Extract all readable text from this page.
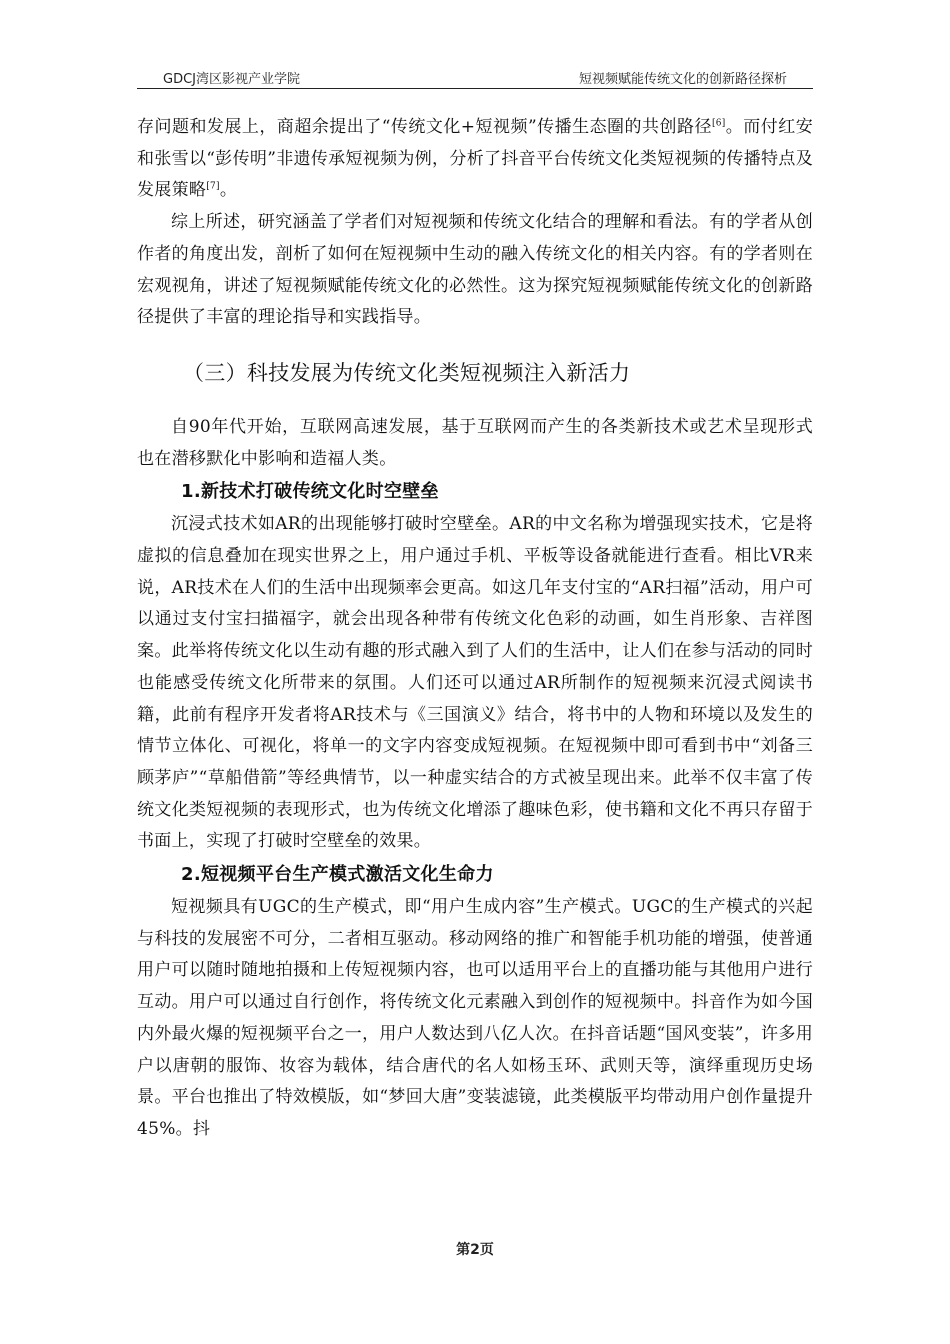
GDCJ湾区影视产业学院	短视频赋能传统文化的创新路径探析

存问题和发展上，商超余提出了“传统文化+短视频”传播生态圈的共创路径[6]。而付红安和张雪以“彭传明”非遗传承短视频为例，分析了抖音平台传统文化类短视频的传播特点及发展策略[7]。

综上所述，研究涵盖了学者们对短视频和传统文化结合的理解和看法。有的学者从创作者的角度出发，剖析了如何在短视频中生动的融入传统文化的相关内容。有的学者则在宏观视角，讲述了短视频赋能传统文化的必然性。这为探究短视频赋能传统文化的创新路径提供了丰富的理论指导和实践指导。

（三）科技发展为传统文化类短视频注入新活力

自90年代开始，互联网高速发展，基于互联网而产生的各类新技术或艺术呈现形式也在潜移默化中影响和造福人类。

1.新技术打破传统文化时空壁垒

沉浸式技术如AR的出现能够打破时空壁垒。AR的中文名称为增强现实技术，它是将虚拟的信息叠加在现实世界之上，用户通过手机、平板等设备就能进行查看。相比VR来说，AR技术在人们的生活中出现频率会更高。如这几年支付宝的“AR扫福”活动，用户可以通过支付宝扫描福字，就会出现各种带有传统文化色彩的动画，如生肖形象、吉祥图案。此举将传统文化以生动有趣的形式融入到了人们的生活中，让人们在参与活动的同时也能感受传统文化所带来的氛围。人们还可以通过AR所制作的短视频来沉浸式阅读书籍，此前有程序开发者将AR技术与《三国演义》结合，将书中的人物和环境以及发生的情节立体化、可视化，将单一的文字内容变成短视频。在短视频中即可看到书中“刘备三顾茅庐”“草船借箭”等经典情节，以一种虚实结合的方式被呈现出来。此举不仅丰富了传统文化类短视频的表现形式，也为传统文化增添了趣味色彩，使书籍和文化不再只存留于书面上，实现了打破时空壁垒的效果。

2.短视频平台生产模式激活文化生命力

短视频具有UGC的生产模式，即“用户生成内容”生产模式。UGC的生产模式的兴起与科技的发展密不可分，二者相互驱动。移动网络的推广和智能手机功能的增强，使普通用户可以随时随地拍摄和上传短视频内容，也可以适用平台上的直播功能与其他用户进行互动。用户可以通过自行创作，将传统文化元素融入到创作的短视频中。抖音作为如今国内外最火爆的短视频平台之一，用户人数达到八亿人次。在抖音话题“国风变装”，许多用户以唐朝的服饰、妆容为载体，结合唐代的名人如杨玉环、武则天等，演绎重现历史场景。平台也推出了特效模版，如“梦回大唐”变装滤镜，此类模版平均带动用户创作量提升45%。抖

第2页
